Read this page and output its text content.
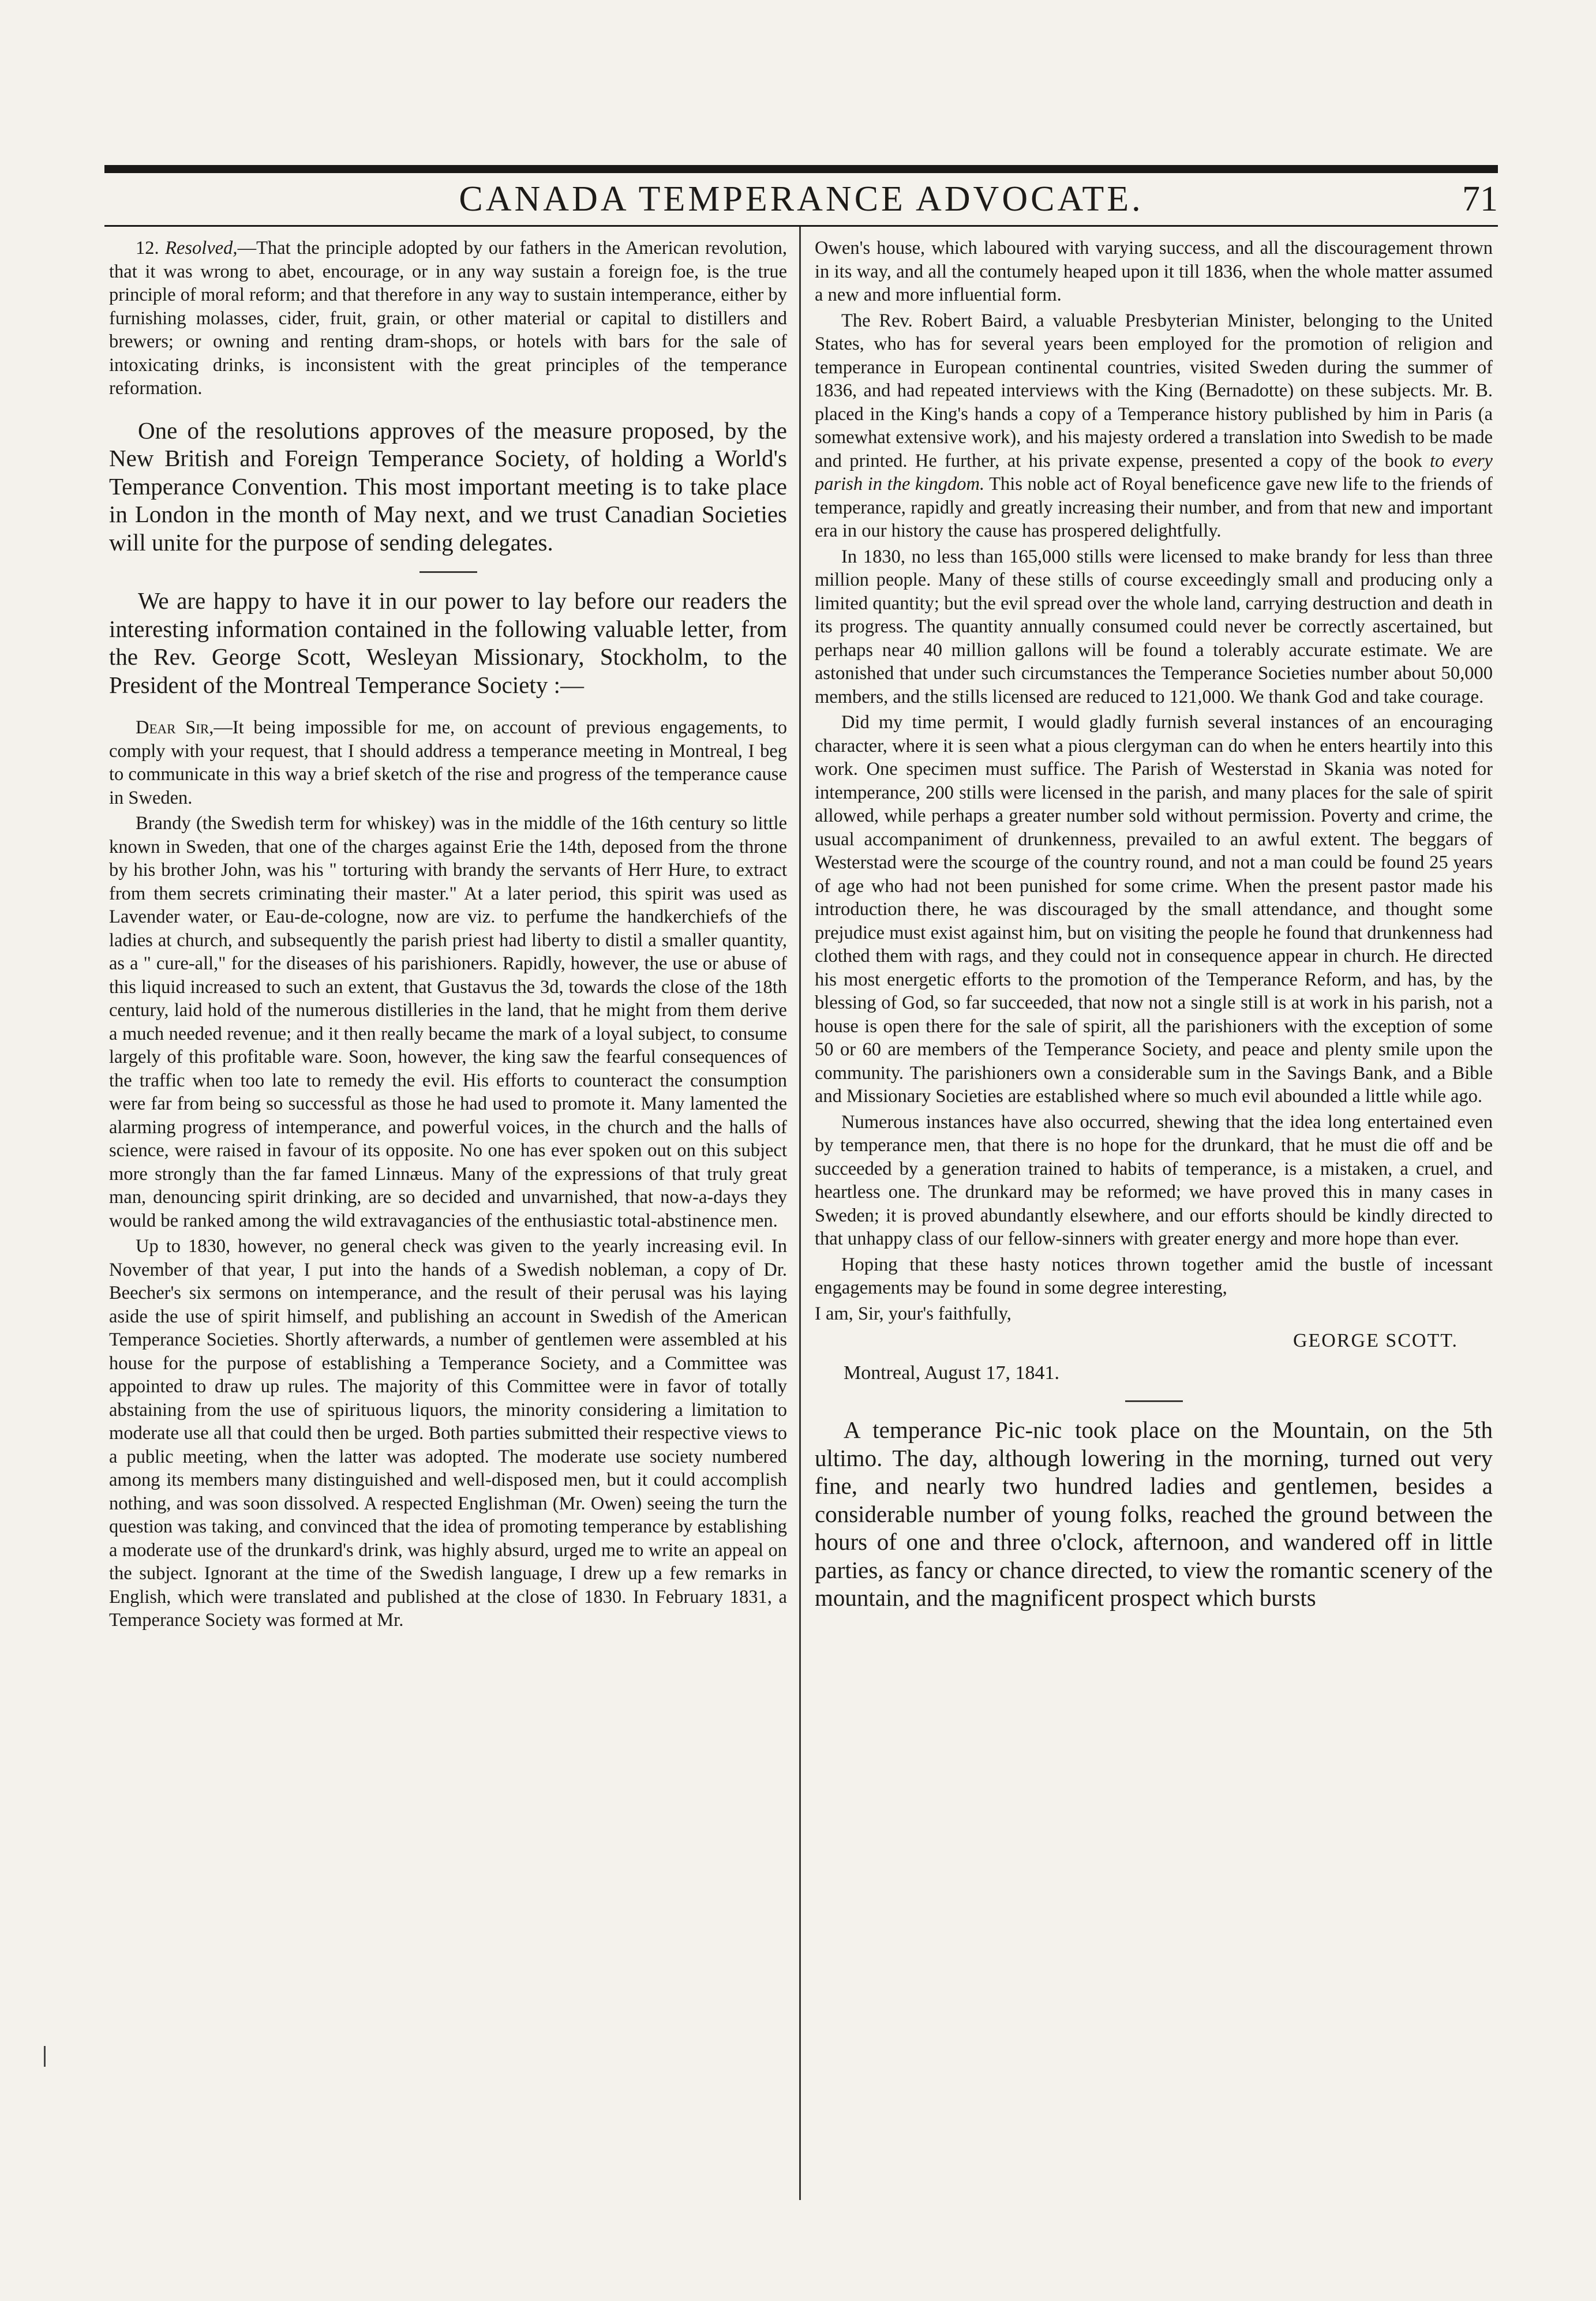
CANADA TEMPERANCE ADVOCATE.	71

12. Resolved,—That the principle adopted by our fathers in the American revolution, that it was wrong to abet, encourage, or in any way sustain a foreign foe, is the true principle of moral reform; and that therefore in any way to sustain intemperance, either by furnishing molasses, cider, fruit, grain, or other material or capital to distillers and brewers; or owning and renting dram-shops, or hotels with bars for the sale of intoxicating drinks, is inconsistent with the great principles of the temperance reformation.

One of the resolutions approves of the measure proposed, by the New British and Foreign Temperance Society, of holding a World's Temperance Convention. This most important meeting is to take place in London in the month of May next, and we trust Canadian Societies will unite for the purpose of sending delegates.

We are happy to have it in our power to lay before our readers the interesting information contained in the following valuable letter, from the Rev. George Scott, Wesleyan Missionary, Stockholm, to the President of the Montreal Temperance Society :—

Dear Sir,—It being impossible for me, on account of previous engagements, to comply with your request, that I should address a temperance meeting in Montreal, I beg to communicate in this way a brief sketch of the rise and progress of the temperance cause in Sweden.

Brandy (the Swedish term for whiskey) was in the middle of the 16th century so little known in Sweden, that one of the charges against Erie the 14th, deposed from the throne by his brother John, was his " torturing with brandy the servants of Herr Hure, to extract from them secrets criminating their master." At a later period, this spirit was used as Lavender water, or Eau-de-cologne, now are viz. to perfume the handkerchiefs of the ladies at church, and subsequently the parish priest had liberty to distil a smaller quantity, as a " cure-all," for the diseases of his parishioners. Rapidly, however, the use or abuse of this liquid increased to such an extent, that Gustavus the 3d, towards the close of the 18th century, laid hold of the numerous distilleries in the land, that he might from them derive a much needed revenue; and it then really became the mark of a loyal subject, to consume largely of this profitable ware. Soon, however, the king saw the fearful consequences of the traffic when too late to remedy the evil. His efforts to counteract the consumption were far from being so successful as those he had used to promote it. Many lamented the alarming progress of intemperance, and powerful voices, in the church and the halls of science, were raised in favour of its opposite. No one has ever spoken out on this subject more strongly than the far famed Linnæus. Many of the expressions of that truly great man, denouncing spirit drinking, are so decided and unvarnished, that now-a-days they would be ranked among the wild extravagancies of the enthusiastic total-abstinence men.

Up to 1830, however, no general check was given to the yearly increasing evil. In November of that year, I put into the hands of a Swedish nobleman, a copy of Dr. Beecher's six sermons on intemperance, and the result of their perusal was his laying aside the use of spirit himself, and publishing an account in Swedish of the American Temperance Societies. Shortly afterwards, a number of gentlemen were assembled at his house for the purpose of establishing a Temperance Society, and a Committee was appointed to draw up rules. The majority of this Committee were in favor of totally abstaining from the use of spirituous liquors, the minority considering a limitation to moderate use all that could then be urged. Both parties submitted their respective views to a public meeting, when the latter was adopted. The moderate use society numbered among its members many distinguished and well-disposed men, but it could accomplish nothing, and was soon dissolved. A respected Englishman (Mr. Owen) seeing the turn the question was taking, and convinced that the idea of promoting temperance by establishing a moderate use of the drunkard's drink, was highly absurd, urged me to write an appeal on the subject. Ignorant at the time of the Swedish language, I drew up a few remarks in English, which were translated and published at the close of 1830. In February 1831, a Temperance Society was formed at Mr.

Owen's house, which laboured with varying success, and all the discouragement thrown in its way, and all the contumely heaped upon it till 1836, when the whole matter assumed a new and more influential form.

The Rev. Robert Baird, a valuable Presbyterian Minister, belonging to the United States, who has for several years been employed for the promotion of religion and temperance in European continental countries, visited Sweden during the summer of 1836, and had repeated interviews with the King (Bernadotte) on these subjects. Mr. B. placed in the King's hands a copy of a Temperance history published by him in Paris (a somewhat extensive work), and his majesty ordered a translation into Swedish to be made and printed. He further, at his private expense, presented a copy of the book to every parish in the kingdom. This noble act of Royal beneficence gave new life to the friends of temperance, rapidly and greatly increasing their number, and from that new and important era in our history the cause has prospered delightfully.

In 1830, no less than 165,000 stills were licensed to make brandy for less than three million people. Many of these stills of course exceedingly small and producing only a limited quantity; but the evil spread over the whole land, carrying destruction and death in its progress. The quantity annually consumed could never be correctly ascertained, but perhaps near 40 million gallons will be found a tolerably accurate estimate. We are astonished that under such circumstances the Temperance Societies number about 50,000 members, and the stills licensed are reduced to 121,000. We thank God and take courage.

Did my time permit, I would gladly furnish several instances of an encouraging character, where it is seen what a pious clergyman can do when he enters heartily into this work. One specimen must suffice. The Parish of Westerstad in Skania was noted for intemperance, 200 stills were licensed in the parish, and many places for the sale of spirit allowed, while perhaps a greater number sold without permission. Poverty and crime, the usual accompaniment of drunkenness, prevailed to an awful extent. The beggars of Westerstad were the scourge of the country round, and not a man could be found 25 years of age who had not been punished for some crime. When the present pastor made his introduction there, he was discouraged by the small attendance, and thought some prejudice must exist against him, but on visiting the people he found that drunkenness had clothed them with rags, and they could not in consequence appear in church. He directed his most energetic efforts to the promotion of the Temperance Reform, and has, by the blessing of God, so far succeeded, that now not a single still is at work in his parish, not a house is open there for the sale of spirit, all the parishioners with the exception of some 50 or 60 are members of the Temperance Society, and peace and plenty smile upon the community. The parishioners own a considerable sum in the Savings Bank, and a Bible and Missionary Societies are established where so much evil abounded a little while ago.

Numerous instances have also occurred, shewing that the idea long entertained even by temperance men, that there is no hope for the drunkard, that he must die off and be succeeded by a generation trained to habits of temperance, is a mistaken, a cruel, and heartless one. The drunkard may be reformed; we have proved this in many cases in Sweden; it is proved abundantly elsewhere, and our efforts should be kindly directed to that unhappy class of our fellow-sinners with greater energy and more hope than ever.

Hoping that these hasty notices thrown together amid the bustle of incessant engagements may be found in some degree interesting,

I am, Sir, your's faithfully,

GEORGE SCOTT.
Montreal, August 17, 1841.

A temperance Pic-nic took place on the Mountain, on the 5th ultimo. The day, although lowering in the morning, turned out very fine, and nearly two hundred ladies and gentlemen, besides a considerable number of young folks, reached the ground between the hours of one and three o'clock, afternoon, and wandered off in little parties, as fancy or chance directed, to view the romantic scenery of the mountain, and the magnificent prospect which bursts
